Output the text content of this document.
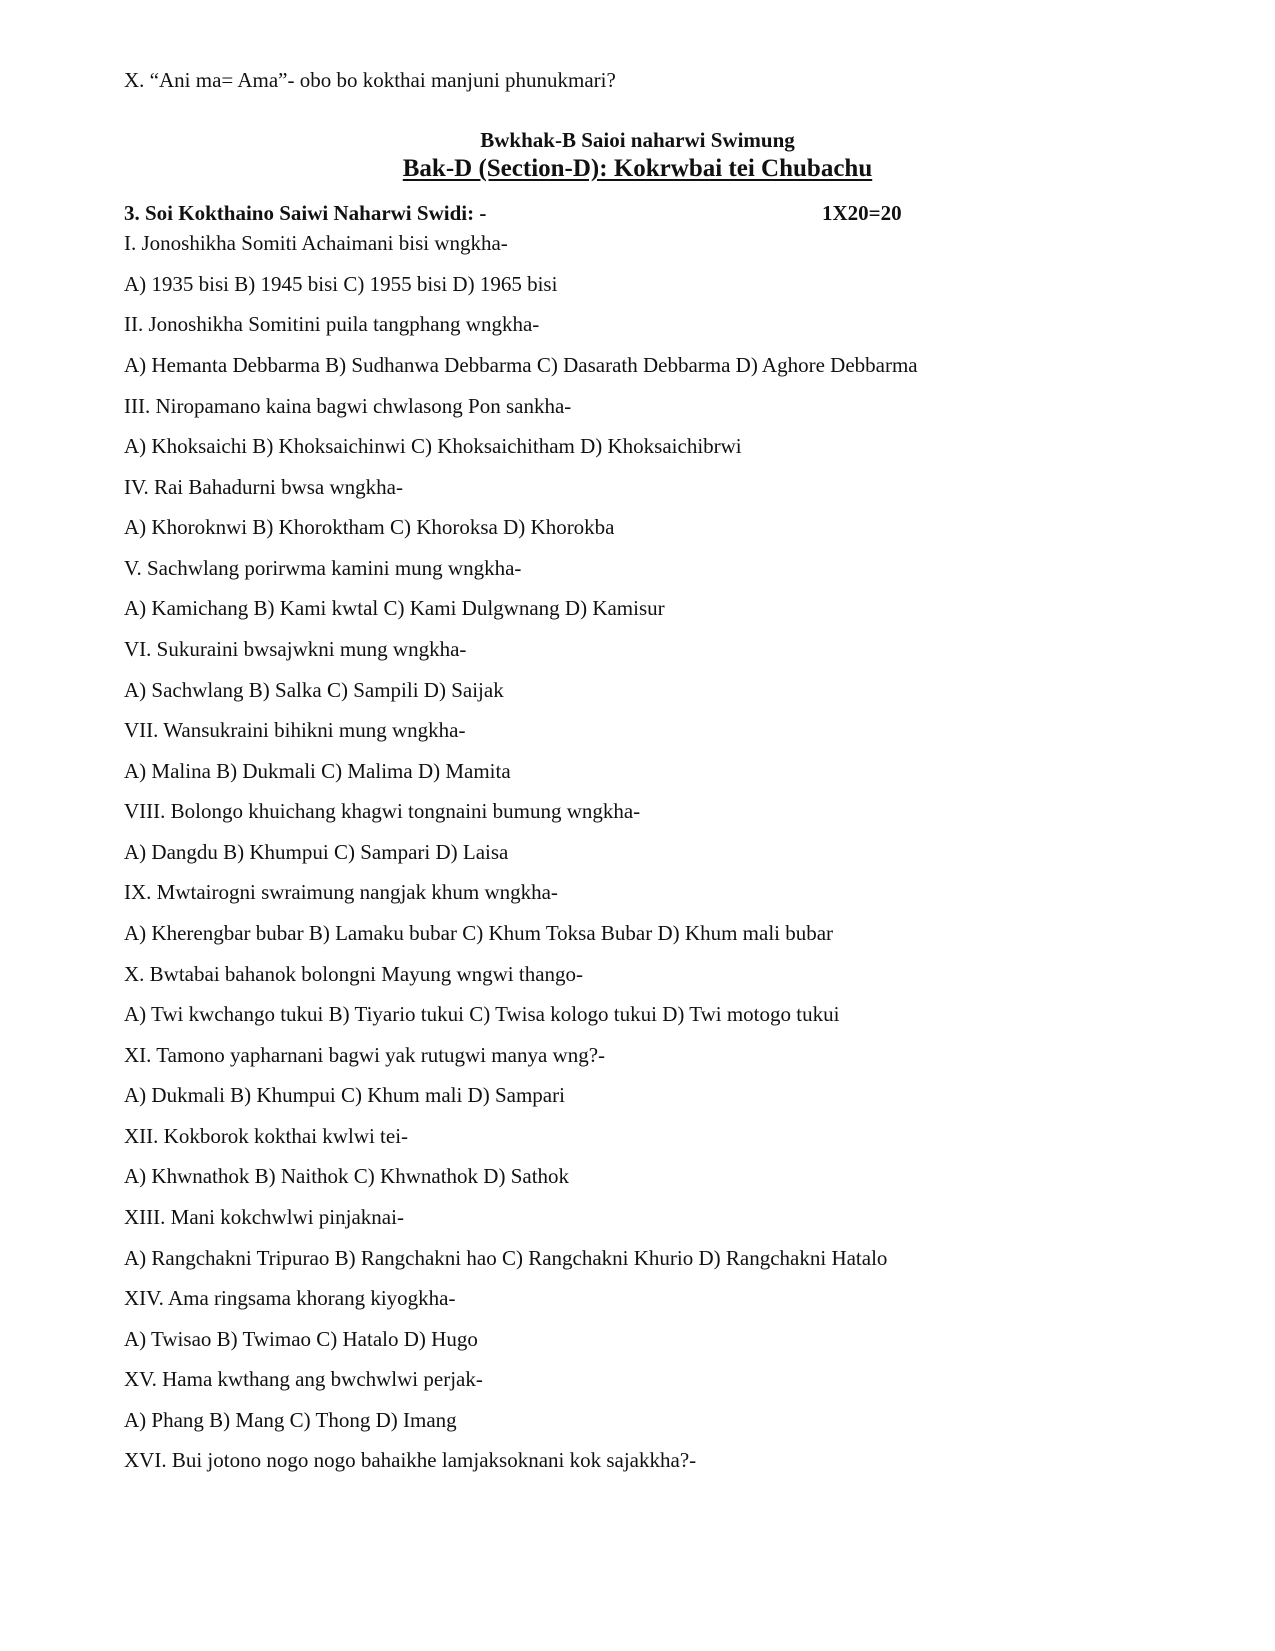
X. “Ani ma= Ama”- obo bo kokthai manjuni phunukmari?
Bwkhak-B Saioi naharwi Swimung
Bak-D (Section-D): Kokrwbai tei Chubachu
3. Soi Kokthaino Saiwi Naharwi Swidi: -	1X20=20
I. Jonoshikha Somiti Achaimani bisi wngkha-
A) 1935 bisi B) 1945 bisi C) 1955 bisi D) 1965 bisi
II. Jonoshikha Somitini puila tangphang wngkha-
A) Hemanta Debbarma B) Sudhanwa Debbarma C) Dasarath Debbarma D) Aghore Debbarma
III. Niropamano kaina bagwi chwlasong Pon sankha-
A) Khoksaichi B) Khoksaichinwi C) Khoksaichitham D) Khoksaichibrwi
IV. Rai Bahadurni bwsa wngkha-
A) Khoroknwi B) Khoroktham C) Khoroksa D) Khorokba
V. Sachwlang porirwma kamini mung wngkha-
A) Kamichang B) Kami kwtal C) Kami Dulgwnang D) Kamisur
VI. Sukuraini bwsajwkni mung wngkha-
A) Sachwlang B) Salka C) Sampili D) Saijak
VII. Wansukraini bihikni mung wngkha-
A) Malina B) Dukmali C) Malima D) Mamita
VIII. Bolongo khuichang khagwi tongnaini bumung wngkha-
A) Dangdu B) Khumpui C) Sampari D) Laisa
IX. Mwtairogni swraimung nangjak khum wngkha-
A) Kherengbar bubar B) Lamaku bubar C) Khum Toksa Bubar D) Khum mali bubar
X. Bwtabai bahanok bolongni Mayung wngwi thango-
A) Twi kwchango tukui B) Tiyario tukui C) Twisa kologo tukui D) Twi motogo tukui
XI. Tamono yapharnani bagwi yak rutugwi manya wng?-
A) Dukmali B) Khumpui C) Khum mali D) Sampari
XII. Kokborok kokthai kwlwi tei-
A) Khwnathok B) Naithok C) Khwnathok D) Sathok
XIII. Mani kokchwlwi pinjaknai-
A) Rangchakni Tripurao B) Rangchakni hao C) Rangchakni Khurio D) Rangchakni Hatalo
XIV. Ama ringsama khorang kiyogkha-
A) Twisao B) Twimao C) Hatalo D) Hugo
XV. Hama kwthang ang bwchwlwi perjak-
A) Phang B) Mang C) Thong D) Imang
XVI. Bui jotono nogo nogo bahaikhe lamjaksoknani kok sajakkha?-
